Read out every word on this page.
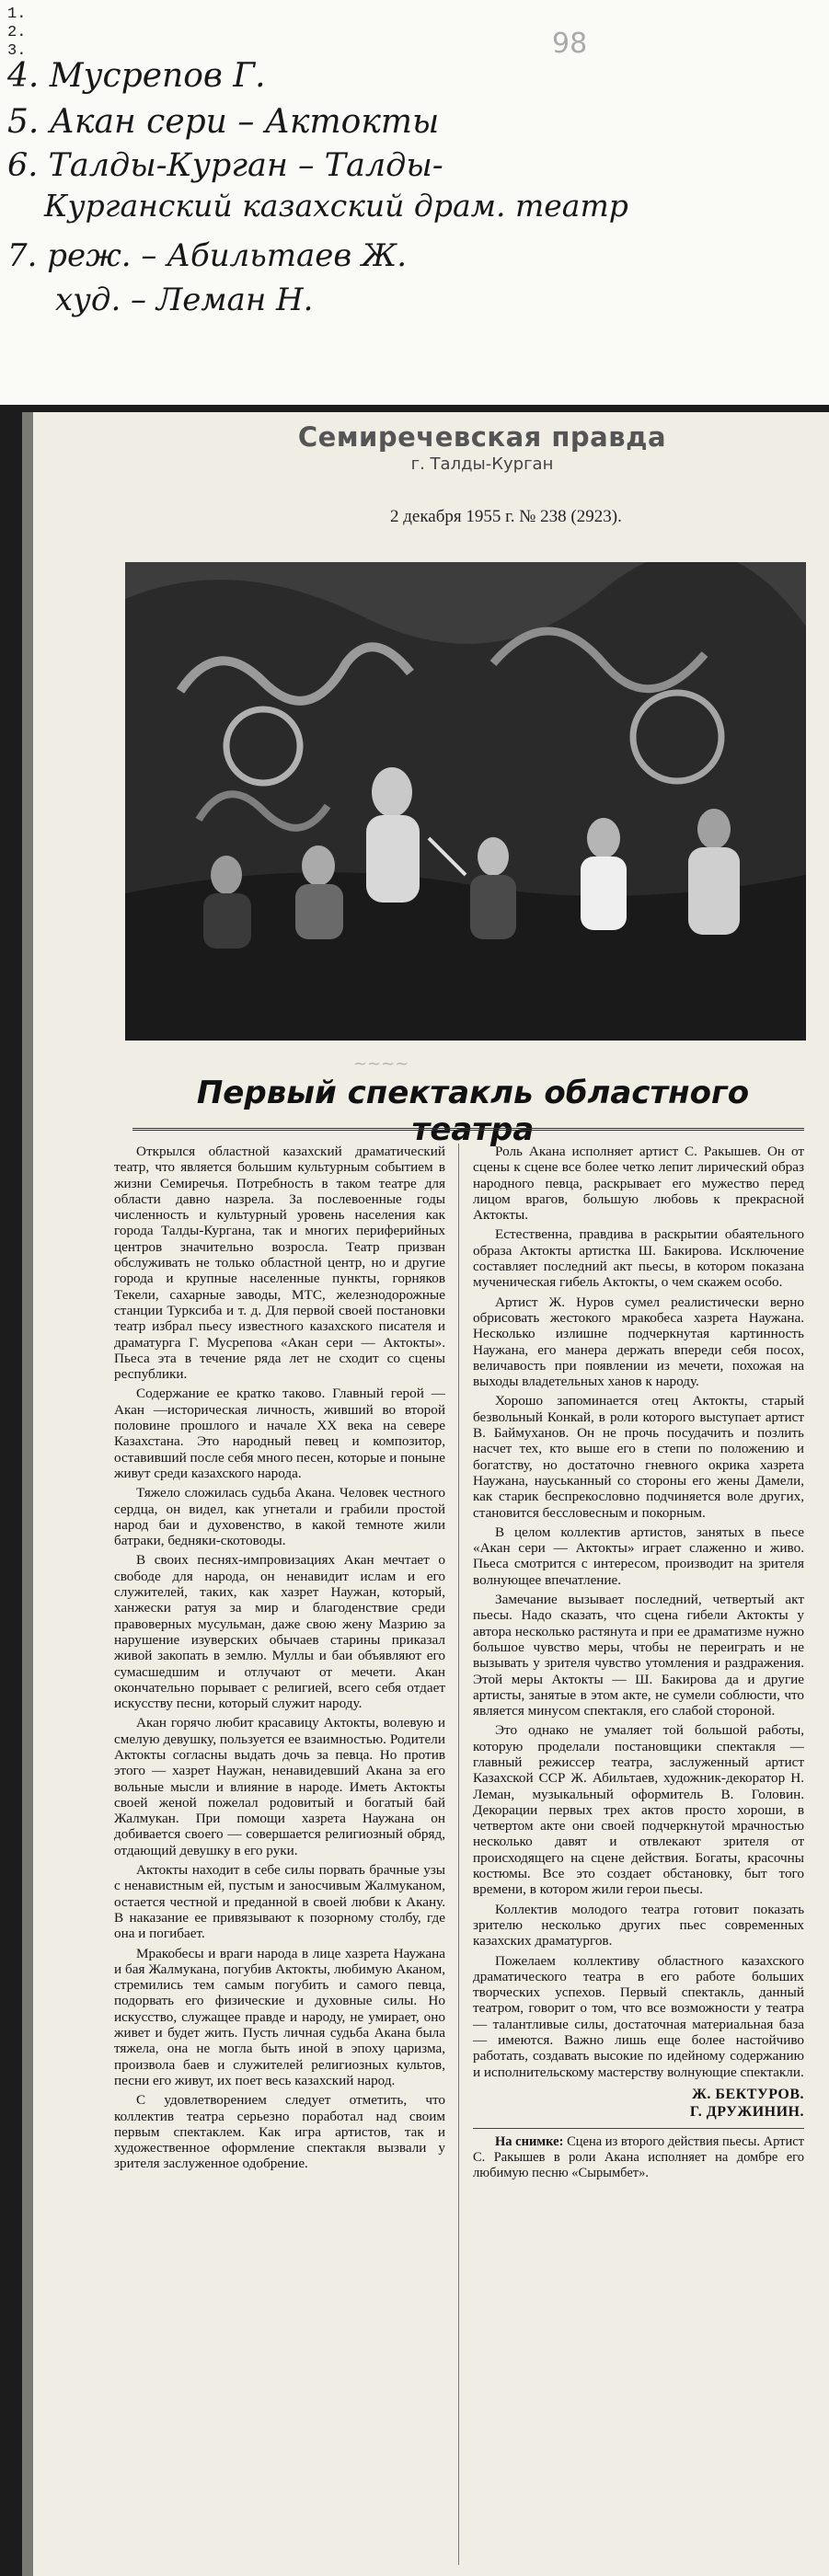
1.
2.
3.	98
4. Мусрепов Г.
5. Акан сери – Актокты
6. Талды-Курган – Талды-
Курганский казахский драм. театр
7. реж. – Абильтаев Ж.
худ. – Леман Н.
Семиречевская правда
г. Талды-Курган
2 декабря 1955 г. № 238 (2923).
~~~~
Первый спектакль областного театра

Открылся областной казахский драматический театр, что является большим культурным событием в жизни Семиречья. Потребность в таком театре для области давно назрела. За послевоенные годы численность и культурный уровень населения как города Талды-Кургана, так и многих периферийных центров значительно возросла. Театр призван обслуживать не только областной центр, но и другие города и крупные населенные пункты, горняков Текели, сахарные заводы, МТС, железнодорожные станции Турксиба и т. д. Для первой своей постановки театр избрал пьесу известного казахского писателя и драматурга Г. Мусрепова «Акан сери — Актокты». Пьеса эта в течение ряда лет не сходит со сцены республики.

Содержание ее кратко таково. Главный герой — Акан —историческая личность, живший во второй половине прошлого и начале XX века на севере Казахстана. Это народный певец и композитор, оставивший после себя много песен, которые и поныне живут среди казахского народа.

Тяжело сложилась судьба Акана. Человек честного сердца, он видел, как угнетали и грабили простой народ баи и духовенство, в какой темноте жили батраки, бедняки-скотоводы.

В своих песнях-импровизациях Акан мечтает о свободе для народа, он ненавидит ислам и его служителей, таких, как хазрет Наужан, который, ханжески ратуя за мир и благоденствие среди правоверных мусульман, даже свою жену Мазрию за нарушение изуверских обычаев старины приказал живой закопать в землю. Муллы и баи объявляют его сумасшедшим и отлучают от мечети. Акан окончательно порывает с религией, всего себя отдает искусству песни, который служит народу.

Акан горячо любит красавицу Актокты, волевую и смелую девушку, пользуется ее взаимностью. Родители Актокты согласны выдать дочь за певца. Но против этого — хазрет Наужан, ненавидевший Акана за его вольные мысли и влияние в народе. Иметь Актокты своей женой пожелал родовитый и богатый бай Жалмукан. При помощи хазрета Наужана он добивается своего — совершается религиозный обряд, отдающий девушку в его руки.

Актокты находит в себе силы порвать брачные узы с ненавистным ей, пустым и заносчивым Жалмуканом, остается честной и преданной в своей любви к Акану. В наказание ее привязывают к позорному столбу, где она и погибает.

Мракобесы и враги народа в лице хазрета Наужана и бая Жалмукана, погубив Актокты, любимую Аканом, стремились тем самым погубить и самого певца, подорвать его физические и духовные силы. Но искусство, служащее правде и народу, не умирает, оно живет и будет жить. Пусть личная судьба Акана была тяжела, она не могла быть иной в эпоху царизма, произвола баев и служителей религиозных культов, песни его живут, их поет весь казахский народ.

С удовлетворением следует отметить, что коллектив театра серьезно поработал над своим первым спектаклем. Как игра артистов, так и художественное оформление спектакля вызвали у зрителя заслуженное одобрение.

Роль Акана исполняет артист С. Ракышев. Он от сцены к сцене все более четко лепит лирический образ народного певца, раскрывает его мужество перед лицом врагов, большую любовь к прекрасной Актокты.

Естественна, правдива в раскрытии обаятельного образа Актокты артистка Ш. Бакирова. Исключение составляет последний акт пьесы, в котором показана мученическая гибель Актокты, о чем скажем особо.

Артист Ж. Нуров сумел реалистически верно обрисовать жестокого мракобеса хазрета Наужана. Несколько излишне подчеркнутая картинность Наужана, его манера держать впереди себя посох, величавость при появлении из мечети, похожая на выходы владетельных ханов к народу.

Хорошо запоминается отец Актокты, старый безвольный Конкай, в роли которого выступает артист В. Баймуханов. Он не прочь посудачить и позлить насчет тех, кто выше его в степи по положению и богатству, но достаточно гневного окрика хазрета Наужана, науськанный со стороны его жены Дамели, как старик беспрекословно подчиняется воле других, становится бессловесным и покорным.

В целом коллектив артистов, занятых в пьесе «Акан сери — Актокты» играет слаженно и живо. Пьеса смотрится с интересом, производит на зрителя волнующее впечатление.

Замечание вызывает последний, четвертый акт пьесы. Надо сказать, что сцена гибели Актокты у автора несколько растянута и при ее драматизме нужно большое чувство меры, чтобы не переиграть и не вызывать у зрителя чувство утомления и раздражения. Этой меры Актокты — Ш. Бакирова да и другие артисты, занятые в этом акте, не сумели соблюсти, что является минусом спектакля, его слабой стороной.

Это однако не умаляет той большой работы, которую проделали постановщики спектакля — главный режиссер театра, заслуженный артист Казахской ССР Ж. Абильтаев, художник-декоратор Н. Леман, музыкальный оформитель В. Головин. Декорации первых трех актов просто хороши, в четвертом акте они своей подчеркнутой мрачностью несколько давят и отвлекают зрителя от происходящего на сцене действия. Богаты, красочны костюмы. Все это создает обстановку, быт того времени, в котором жили герои пьесы.

Коллектив молодого театра готовит показать зрителю несколько других пьес современных казахских драматургов.

Пожелаем коллективу областного казахского драматического театра в его работе больших творческих успехов. Первый спектакль, данный театром, говорит о том, что все возможности у театра — талантливые силы, достаточная материальная база — имеются. Важно лишь еще более настойчиво работать, создавать высокие по идейному содержанию и исполнительскому мастерству волнующие спектакли.

Ж. БЕКТУРОВ.
Г. ДРУЖИНИН.
На снимке: Сцена из второго действия пьесы. Артист С. Ракышев в роли Акана исполняет на домбре его любимую песню «Сырымбет».
